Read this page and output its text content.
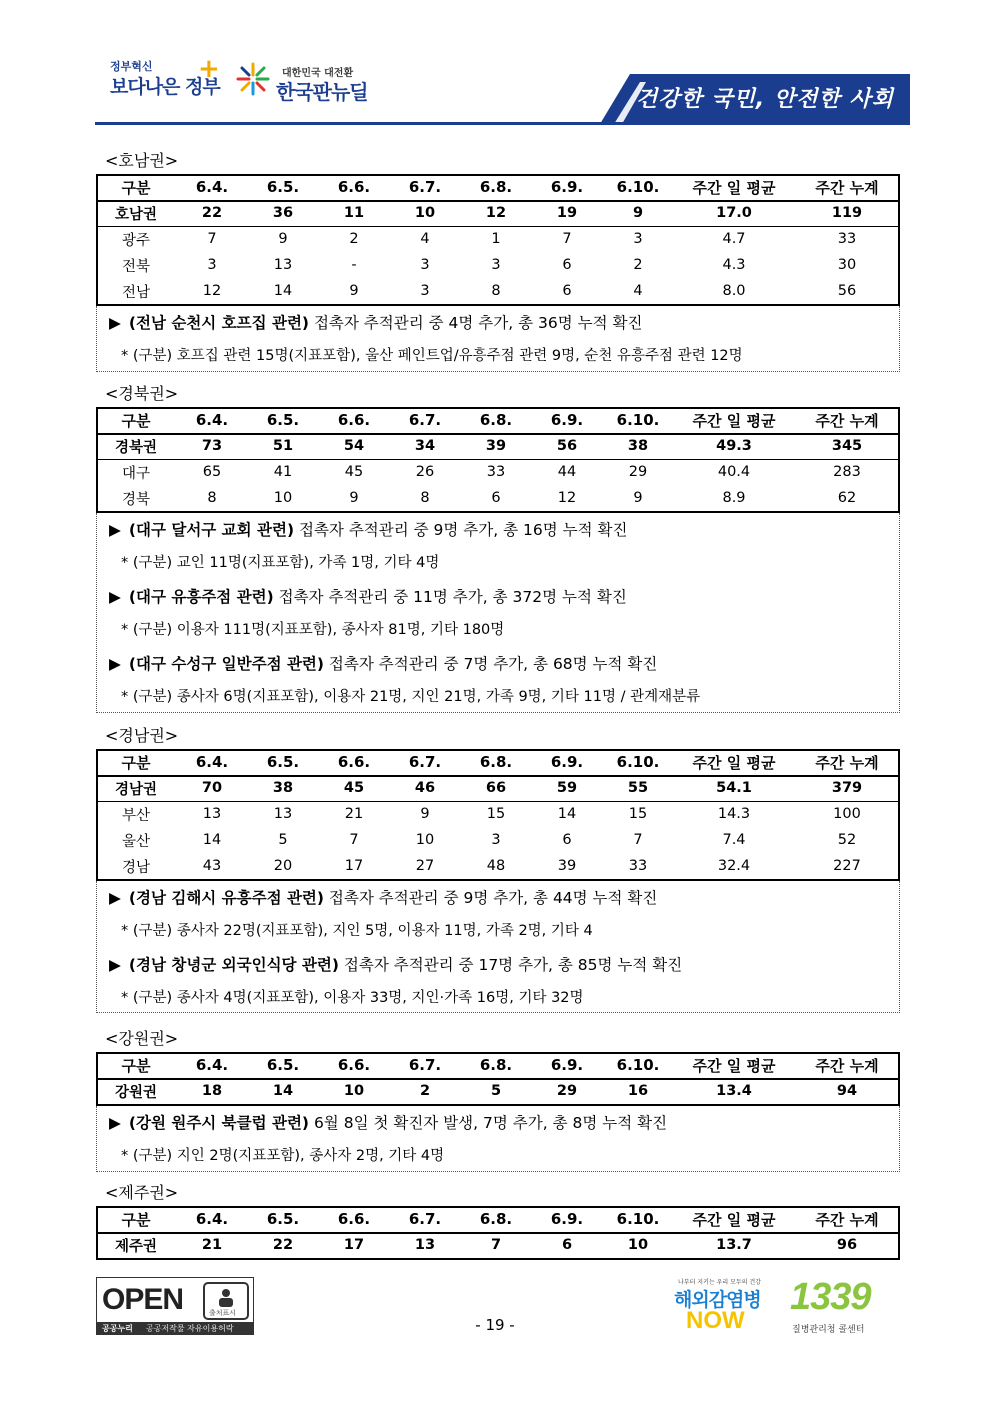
정부혁신
보다나은 정부
+	대한민국 대전환
한국판뉴딜	건강한 국민, 안전한 사회
<호남권>
구분	6.4.	6.5.	6.6.	6.7.	6.8.	6.9.	6.10.	주간 일 평균	주간 누계
호남권	22	36	11	10	12	19	9	17.0	119
광주	7	9	2	4	1	7	3	4.7	33
전북	3	13	-	3	3	6	2	4.3	30
전남	12	14	9	3	8	6	4	8.0	56
▶ (전남 순천시 호프집 관련) 접촉자 추적관리 중 4명 추가, 총 36명 누적 확진
* (구분) 호프집 관련 15명(지표포함), 울산 페인트업/유흥주점 관련 9명, 순천 유흥주점 관련 12명
<경북권>
구분	6.4.	6.5.	6.6.	6.7.	6.8.	6.9.	6.10.	주간 일 평균	주간 누계
경북권	73	51	54	34	39	56	38	49.3	345
대구	65	41	45	26	33	44	29	40.4	283
경북	8	10	9	8	6	12	9	8.9	62
▶ (대구 달서구 교회 관련) 접촉자 추적관리 중 9명 추가, 총 16명 누적 확진
* (구분) 교인 11명(지표포함), 가족 1명, 기타 4명
▶ (대구 유흥주점 관련) 접촉자 추적관리 중 11명 추가, 총 372명 누적 확진
* (구분) 이용자 111명(지표포함), 종사자 81명, 기타 180명
▶ (대구 수성구 일반주점 관련) 접촉자 추적관리 중 7명 추가, 총 68명 누적 확진
* (구분) 종사자 6명(지표포함), 이용자 21명, 지인 21명, 가족 9명, 기타 11명 / 관계재분류
<경남권>
구분	6.4.	6.5.	6.6.	6.7.	6.8.	6.9.	6.10.	주간 일 평균	주간 누계
경남권	70	38	45	46	66	59	55	54.1	379
부산	13	13	21	9	15	14	15	14.3	100
울산	14	5	7	10	3	6	7	7.4	52
경남	43	20	17	27	48	39	33	32.4	227
▶ (경남 김해시 유흥주점 관련) 접촉자 추적관리 중 9명 추가, 총 44명 누적 확진
* (구분) 종사자 22명(지표포함), 지인 5명, 이용자 11명, 가족 2명, 기타 4
▶ (경남 창녕군 외국인식당 관련) 접촉자 추적관리 중 17명 추가, 총 85명 누적 확진
* (구분) 종사자 4명(지표포함), 이용자 33명, 지인·가족 16명, 기타 32명
<강원권>
구분	6.4.	6.5.	6.6.	6.7.	6.8.	6.9.	6.10.	주간 일 평균	주간 누계
강원권	18	14	10	2	5	29	16	13.4	94
▶ (강원 원주시 북클럽 관련) 6월 8일 첫 확진자 발생, 7명 추가, 총 8명 누적 확진
* (구분) 지인 2명(지표포함), 종사자 2명, 기타 4명
<제주권>
구분	6.4.	6.5.	6.6.	6.7.	6.8.	6.9.	6.10.	주간 일 평균	주간 누계
제주권	21	22	17	13	7	6	10	13.7	96
OPEN	출처표시
공공누리 공공저작물 자유이용허락	- 19 -
나부터 지키는 우리 모두의 건강
해외감염병
NOW
1339
질병관리청 콜센터
